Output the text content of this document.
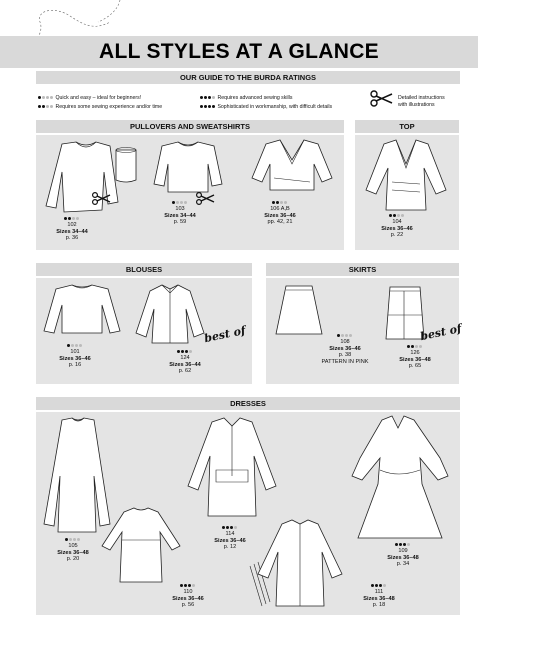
ALL STYLES AT A GLANCE
OUR GUIDE TO THE BURDA RATINGS
Quick and easy – ideal for beginners!
Requires some sewing experience and/or time
Requires advanced sewing skills
Sophisticated in workmanship, with difficult details
Detailed instructions
with illustrations
PULLOVERS AND SWEATSHIRTS	TOP
BLOUSES	SKIRTS
DRESSES
102
Sizes 34–44
p. 36
103
Sizes 34–44
p. 59
106 A,B
Sizes 36–46
pp. 42, 21	104
Sizes 36–46
p. 22
101
Sizes 36–46
p. 16
best of
124
Sizes 36–44
p. 62
108
Sizes 36–46
p. 38
PATTERN IN PINK
best of
126
Sizes 36–48
p. 65
105
Sizes 36–48
p. 20
114
Sizes 36–46
p. 12
109
Sizes 36–48
p. 34
110
Sizes 36–46
p. 56
111
Sizes 36–48
p. 18
